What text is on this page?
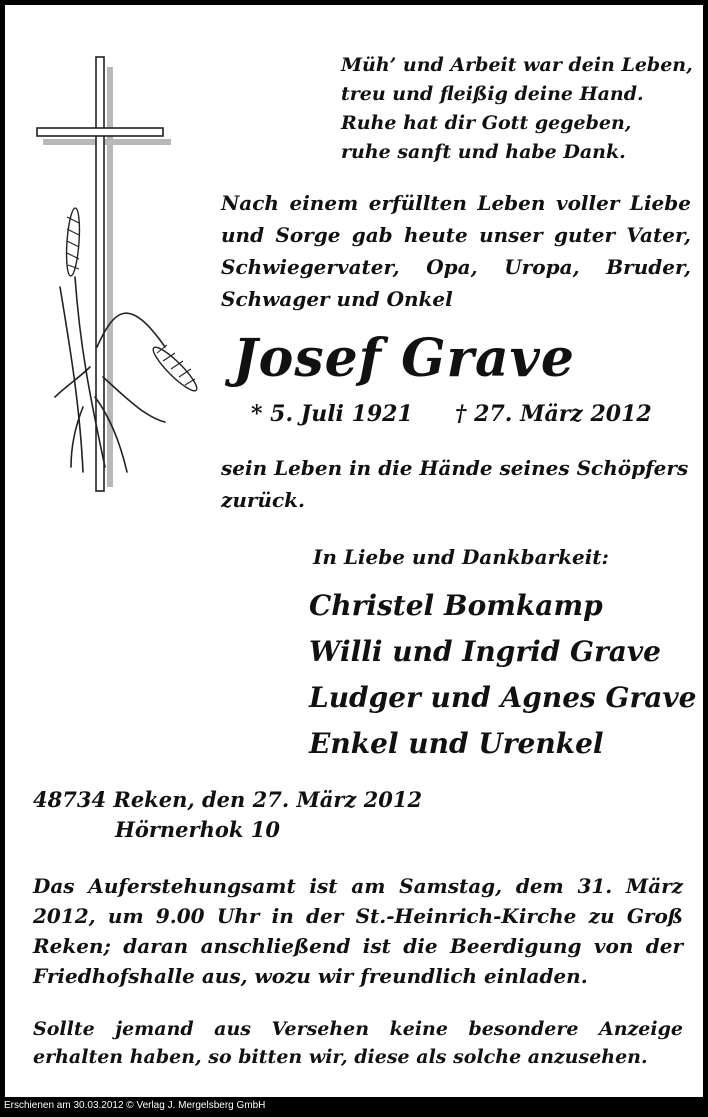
Müh’ und Arbeit war dein Leben,
treu und fleißig deine Hand.
Ruhe hat dir Gott gegeben,
ruhe sanft und habe Dank.
Nach einem erfüllten Leben voller Liebe und Sorge gab heute unser guter Vater, Schwiegervater, Opa, Uropa, Bruder, Schwager und Onkel
Josef Grave
* 5. Juli 1921 † 27. März 2012
sein Leben in die Hände seines Schöpfers zurück.
In Liebe und Dankbarkeit:
Christel Bomkamp
Willi und Ingrid Grave
Ludger und Agnes Grave
Enkel und Urenkel
48734 Reken, den 27. März 2012
Hörnerhok 10
Das Auferstehungsamt ist am Samstag, dem 31. März 2012, um 9.00 Uhr in der St.-Heinrich-Kirche zu Groß Reken; daran anschließend ist die Beerdigung von der Friedhofshalle aus, wozu wir freundlich einladen.
Sollte jemand aus Versehen keine besondere Anzeige erhalten haben, so bitten wir, diese als solche anzusehen.
Erschienen am 30.03.2012 © Verlag J. Mergelsberg GmbH
